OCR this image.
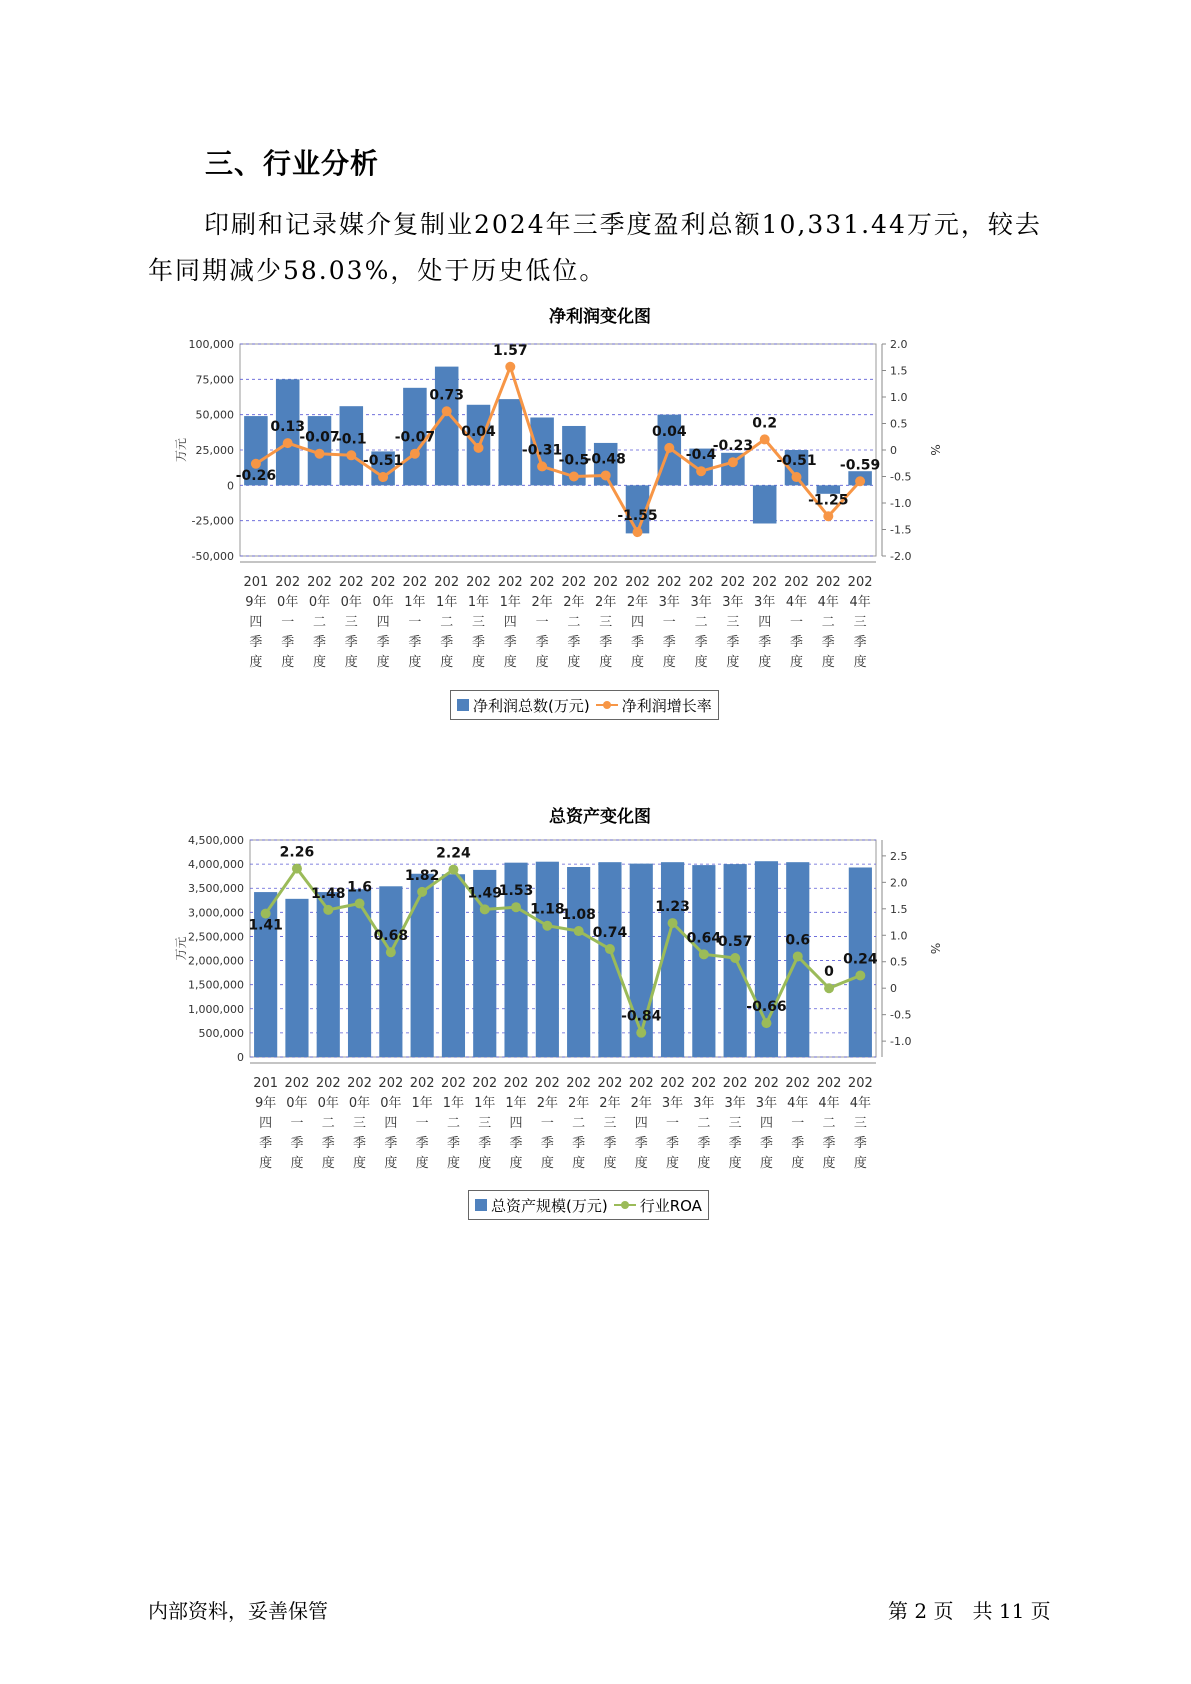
三、行业分析

印刷和记录媒介复制业2024年三季度盈利总额10,331.44万元，较去年同期减少58.03%，处于历史低位。

净利润变化图
-50,000
-25,000
0
25,000
50,000
75,000
100,000
-2.0
-1.5
-1.0
-0.5
0
0.5
1.0
1.5
2.0
万元	%
-0.26
0.13
-0.07
-0.1
-0.51
-0.07
0.73
0.04
1.57
-0.31
-0.5
-0.48
-1.55
0.04
-0.4
-0.23
0.2
-0.51
-1.25
-0.59
201
9年
四
季
度
202
0年
一
季
度
202
0年
二
季
度
202
0年
三
季
度
202
0年
四
季
度
202
1年
一
季
度
202
1年
二
季
度
202
1年
三
季
度
202
1年
四
季
度
202
2年
一
季
度
202
2年
二
季
度
202
2年
三
季
度
202
2年
四
季
度
202
3年
一
季
度
202
3年
二
季
度
202
3年
三
季
度
202
3年
四
季
度
202
4年
一
季
度
202
4年
二
季
度
202
4年
三
季
度
净利润总数(万元) 净利润增长率
总资产变化图
0
500,000
1,000,000
1,500,000
2,000,000
2,500,000
3,000,000
3,500,000
4,000,000
4,500,000
-1.0
-0.5
0
0.5
1.0
1.5
2.0
2.5
万元	%
1.41
2.26
1.48 1.6
0.68
1.82
2.24
1.49
1.53
1.18
1.08
0.74
-0.84
1.23
0.64
0.57
-0.66
0.6
0
0.24
201
9年
四
季
度
202
0年
一
季
度
202
0年
二
季
度
202
0年
三
季
度
202
0年
四
季
度
202
1年
一
季
度
202
1年
二
季
度
202
1年
三
季
度
202
1年
四
季
度
202
2年
一
季
度
202
2年
二
季
度
202
2年
三
季
度
202
2年
四
季
度
202
3年
一
季
度
202
3年
二
季
度
202
3年
三
季
度
202
3年
四
季
度
202
4年
一
季
度
202
4年
二
季
度
202
4年
三
季
度
总资产规模(万元) 行业ROA
内部资料，妥善保管	第 2 页   共 11 页
